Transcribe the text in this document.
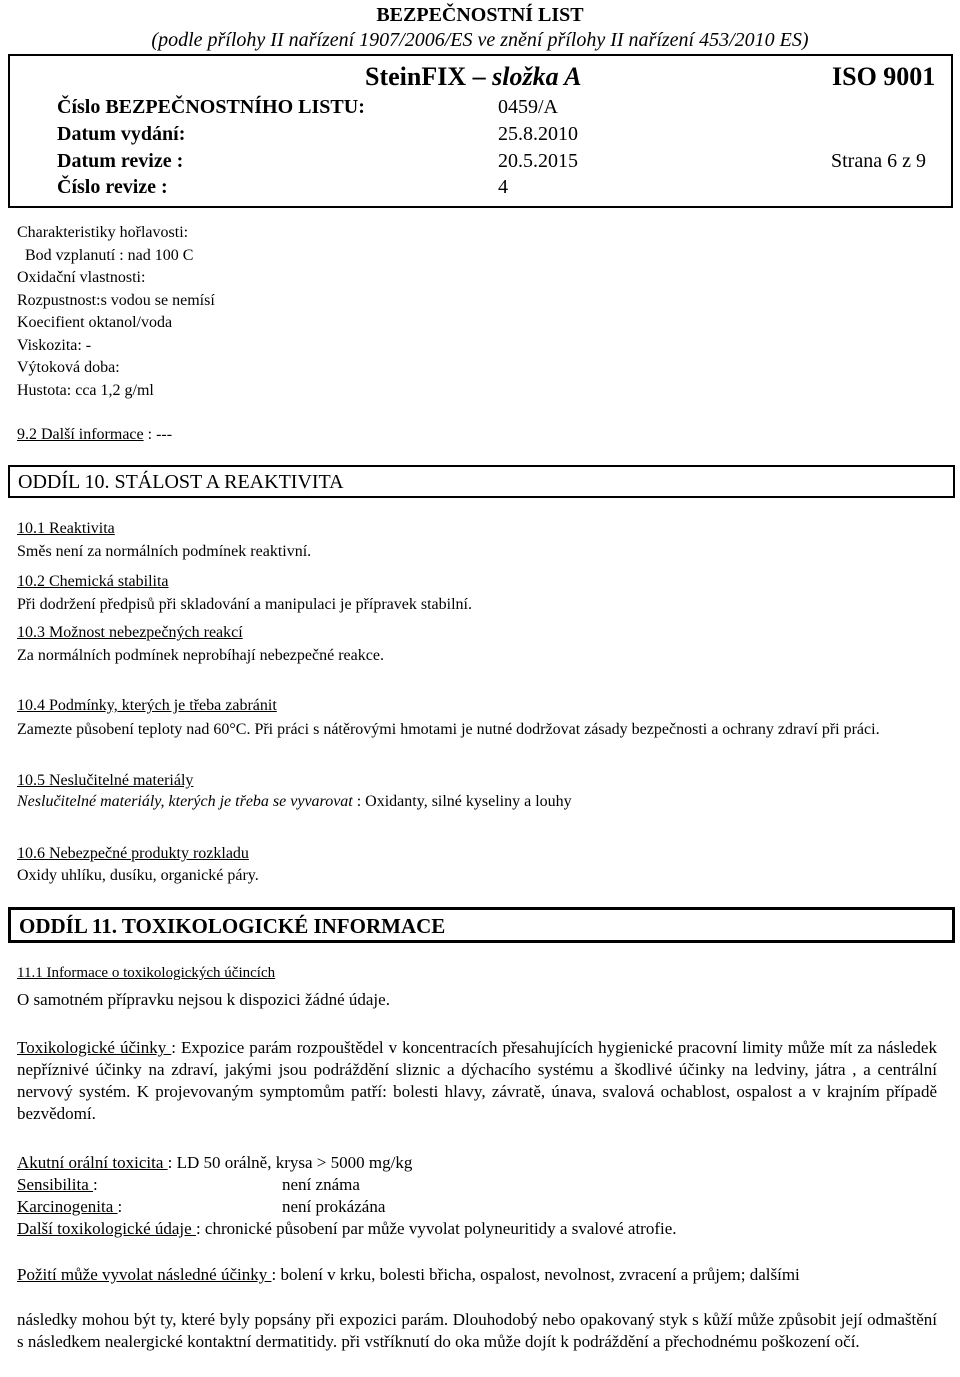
BEZPEČNOSTNÍ LIST
(podle přílohy II nařízení 1907/2006/ES ve znění přílohy II nařízení 453/2010 ES)
SteinFIX – složka A	ISO 9001
Číslo BEZPEČNOSTNÍHO LISTU:	0459/A
Datum vydání:	25.8.2010
Datum revize :	20.5.2015	Strana 6 z 9
Číslo revize :	4
Charakteristiky hořlavosti:
Bod vzplanutí : nad 100 C
Oxidační vlastnosti:
Rozpustnost:s vodou se nemísí
Koecifient oktanol/voda
Viskozita: -
Výtoková doba:
Hustota: cca 1,2 g/ml
9.2 Další informace : ---
ODDÍL 10. STÁLOST A REAKTIVITA
10.1 Reaktivita
Směs není za normálních podmínek reaktivní.
10.2 Chemická stabilita
Při dodržení předpisů při skladování a manipulaci je přípravek stabilní.
10.3 Možnost nebezpečných reakcí
Za normálních podmínek neprobíhají nebezpečné reakce.
10.4 Podmínky, kterých je třeba zabránit
Zamezte působení teploty nad 60°C. Při práci s nátěrovými hmotami je nutné dodržovat zásady bezpečnosti a ochrany zdraví při práci.
10.5 Neslučitelné materiály
Neslučitelné materiály, kterých je třeba se vyvarovat : Oxidanty, silné kyseliny a louhy
10.6 Nebezpečné produkty rozkladu
Oxidy uhlíku, dusíku, organické páry.
ODDÍL 11. TOXIKOLOGICKÉ INFORMACE
11.1 Informace o toxikologických účincích
O samotném přípravku nejsou k dispozici žádné údaje.
Toxikologické účinky : Expozice parám rozpouštědel v koncentracích přesahujících hygienické pracovní limity může mít za následek nepříznivé účinky na zdraví, jakými jsou podráždění sliznic a dýchacího systému a škodlivé účinky na ledviny, játra , a centrální nervový systém. K projevovaným symptomům patří: bolesti hlavy, závratě, únava, svalová ochablost, ospalost a v krajním případě bezvědomí.
Akutní orální toxicita : LD 50 orálně, krysa > 5000 mg/kg
Sensibilita :	není známa
Karcinogenita :	není prokázána
Další toxikologické údaje : chronické působení par může vyvolat polyneuritidy a svalové atrofie.
Požití může vyvolat následné účinky : bolení v krku, bolesti břicha, ospalost, nevolnost, zvracení a průjem; dalšími
následky mohou být ty, které byly popsány při expozici parám. Dlouhodobý nebo opakovaný styk s kůží může způsobit její odmaštění s následkem nealergické kontaktní dermatitidy. při vstříknutí do oka může dojít k podráždění a přechodnému poškození očí.
